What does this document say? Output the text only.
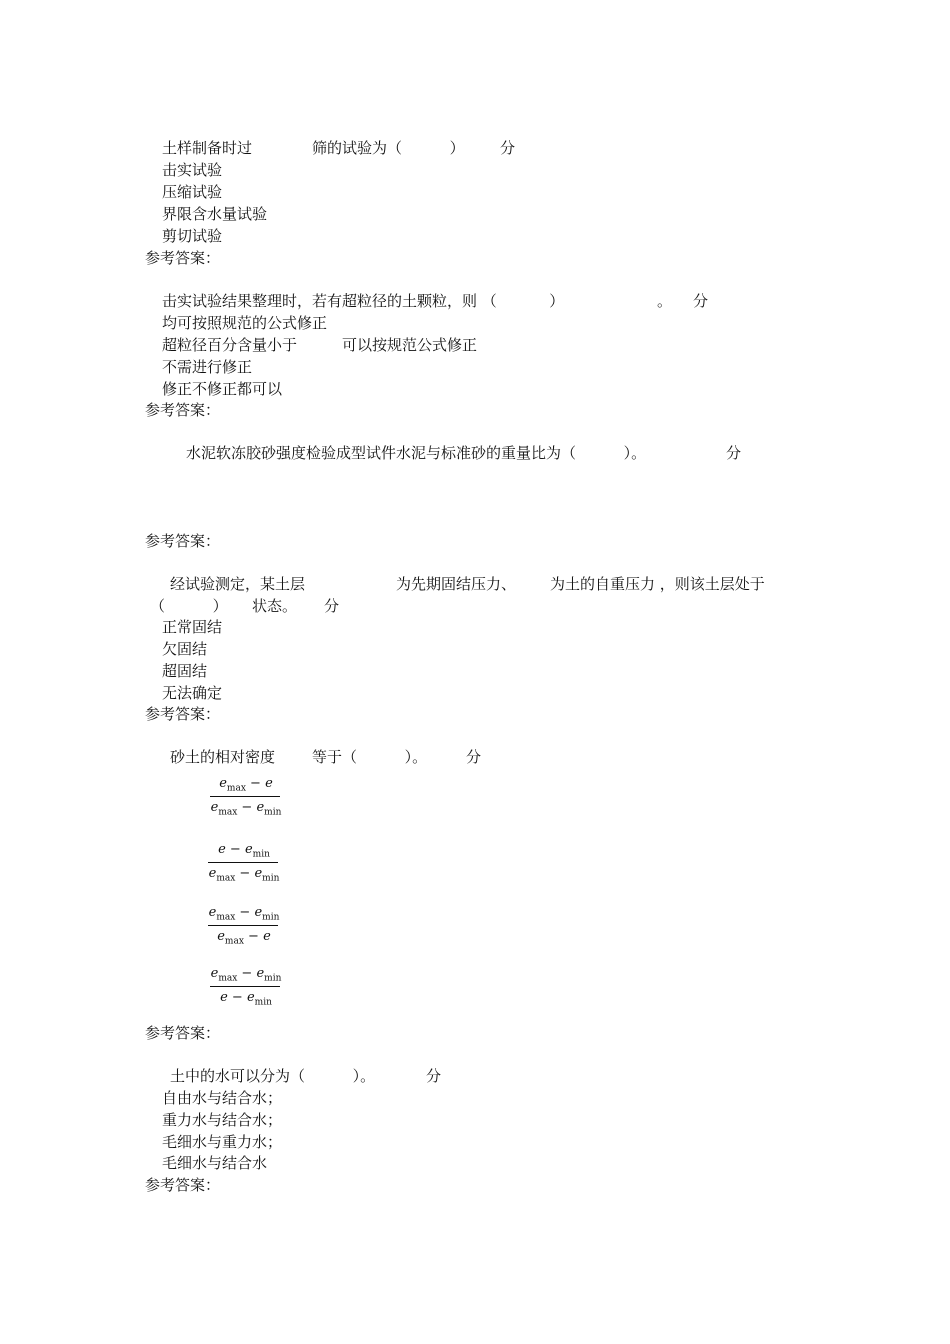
土样制备时过	筛的试验为（          ） 分
击实试验
压缩试验
界限含水量试验
剪切试验
参考答案：
击实试验结果整理时，若有超粒径的土颗粒，则 （           ）	。 分
均可按照规范的公式修正
超粒径百分含量小于	可以按规范公式修正
不需进行修正
修正不修正都可以
参考答案：
水泥软冻胶砂强度检验成型试件水泥与标准砂的重量比为（          ）。	分
参考答案：
经试验测定，某土层	为先期固结压力、 为土的自重压力 ，则该土层处于
（          ） 状态。 分
正常固结
欠固结
超固结
无法确定
参考答案：
砂土的相对密度 等于（          ）。	分
$e_{max} - e$
$e_{max} - e_{min}$
$e - e_{min}$
$e_{max} - e_{min}$
$e_{max} - e_{min}$
$e_{max} - e$
$e_{max} - e_{min}$
$e - e_{min}$
参考答案：
土中的水可以分为（          ）。	分
自由水与结合水；
重力水与结合水；
毛细水与重力水；
毛细水与结合水
参考答案：
